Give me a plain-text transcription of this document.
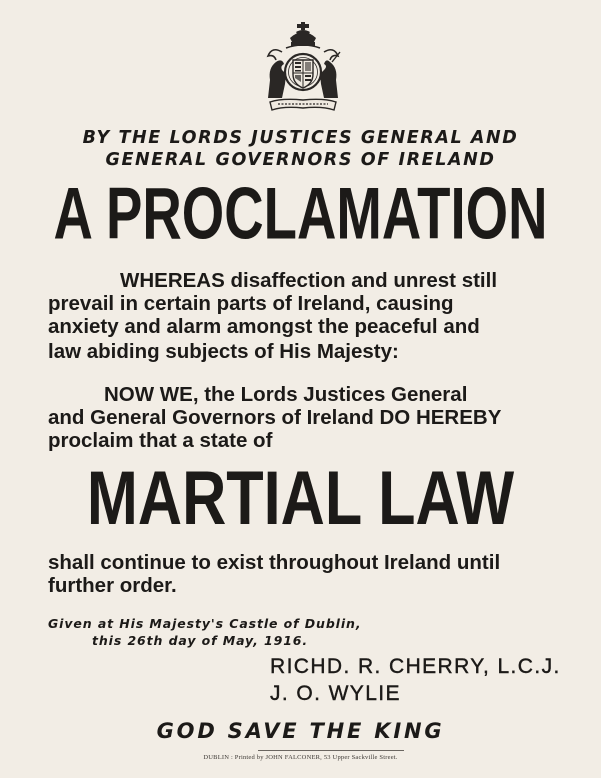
BY THE LORDS JUSTICES GENERAL AND
GENERAL GOVERNORS OF IRELAND
A PROCLAMATION
WHEREAS disaffection and unrest still
prevail in certain parts of Ireland, causing
anxiety and alarm amongst the peaceful and
law abiding subjects of His Majesty:
NOW WE, the Lords Justices General
and General Governors of Ireland DO HEREBY
proclaim that a state of
MARTIAL LAW
shall continue to exist throughout Ireland until
further order.
Given at His Majesty's Castle of Dublin,
this 26th day of May, 1916.
RICHD. R. CHERRY, L.C.J.
J. O. WYLIE
GOD SAVE THE KING
DUBLIN : Printed by JOHN FALCONER, 53 Upper Sackville Street.
